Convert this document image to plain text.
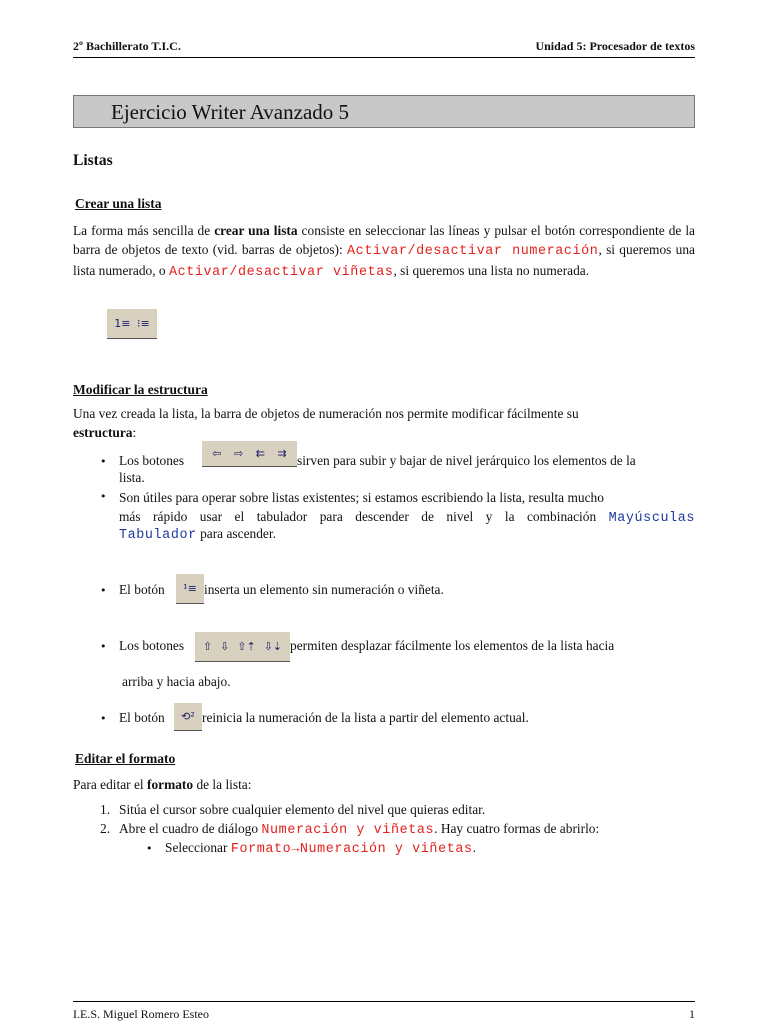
2º Bachillerato T.I.C.	Unidad 5: Procesador de textos
Ejercicio Writer Avanzado 5
Listas
Crear una lista

La forma más sencilla de crear una lista consiste en seleccionar las líneas y pulsar el botón correspondiente de la barra de objetos de texto (vid. barras de objetos): Activar/desactivar numeración, si queremos una lista numerado, o Activar/desactivar viñetas, si queremos una lista no numerada.

1≡ ⁝≡
Modificar la estructura
Una vez creada la lista, la barra de objetos de numeración nos permite modificar fácilmente su
estructura:
• Los botones	⇦ ⇨ ⇇ ⇉ sirven para subir y bajar de nivel jerárquico los elementos de la
lista.
• Son útiles para operar sobre listas existentes; si estamos escribiendo la lista, resulta mucho

más rápido usar el tabulador para descender de nivel y la combinación Mayúsculas

Tabulador para ascender.
• El botón ¹≡ inserta un elemento sin numeración o viñeta.
• Los botones ⇧ ⇩ ⇧⇡ ⇩⇣ permiten desplazar fácilmente los elementos de la lista hacia
arriba y hacia abajo.
• El botón ⟲² reinicia la numeración de la lista a partir del elemento actual.
Editar el formato
Para editar el formato de la lista:
1. Sitúa el cursor sobre cualquier elemento del nivel que quieras editar.
2. Abre el cuadro de diálogo Numeración y viñetas. Hay cuatro formas de abrirlo:
• Seleccionar Formato→Numeración y viñetas.
I.E.S. Miguel Romero Esteo	1
